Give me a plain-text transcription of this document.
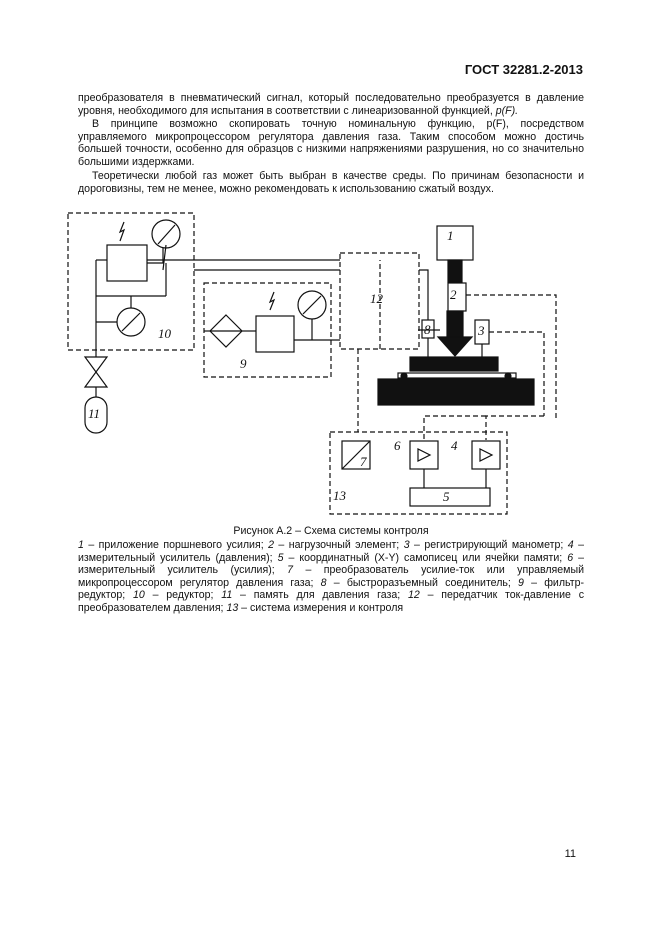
ГОСТ 32281.2-2013
преобразователя в пневматический сигнал, который последовательно преобразуется в давление уровня, необходимого для испытания в соответствии с линеаризованной функцией, p(F).
В принципе возможно скопировать точную номинальную функцию, р(F), посредством управляемого микропроцессором регулятора давления газа. Таким способом можно достичь большей точности, особенно для образцов с низкими напряжениями разрушения, но со значительно большими издержками.
Теоретически любой газ может быть выбран в качестве среды. По причинам безопасности и дороговизны, тем не менее, можно рекомендовать к использованию сжатый воздух.
1
2
3
4
5
6
7
8
9
10
11
12
13
Рисунок А.2 – Схема системы контроля
1 – приложение поршневого усилия; 2 – нагрузочный элемент; 3 – регистрирующий манометр; 4 – измерительный усилитель (давления); 5 – координатный (X-Y) самописец или ячейки памяти; 6 – измерительный усилитель (усилия); 7 – преобразователь усилие-ток или управляемый микропроцессором регулятор давления газа; 8 – быстроразъемный соединитель; 9 – фильтр-редуктор; 10 – редуктор; 11 – память для давления газа; 12 – передатчик ток-давление с преобразователем давления; 13 – система измерения и контроля
11
